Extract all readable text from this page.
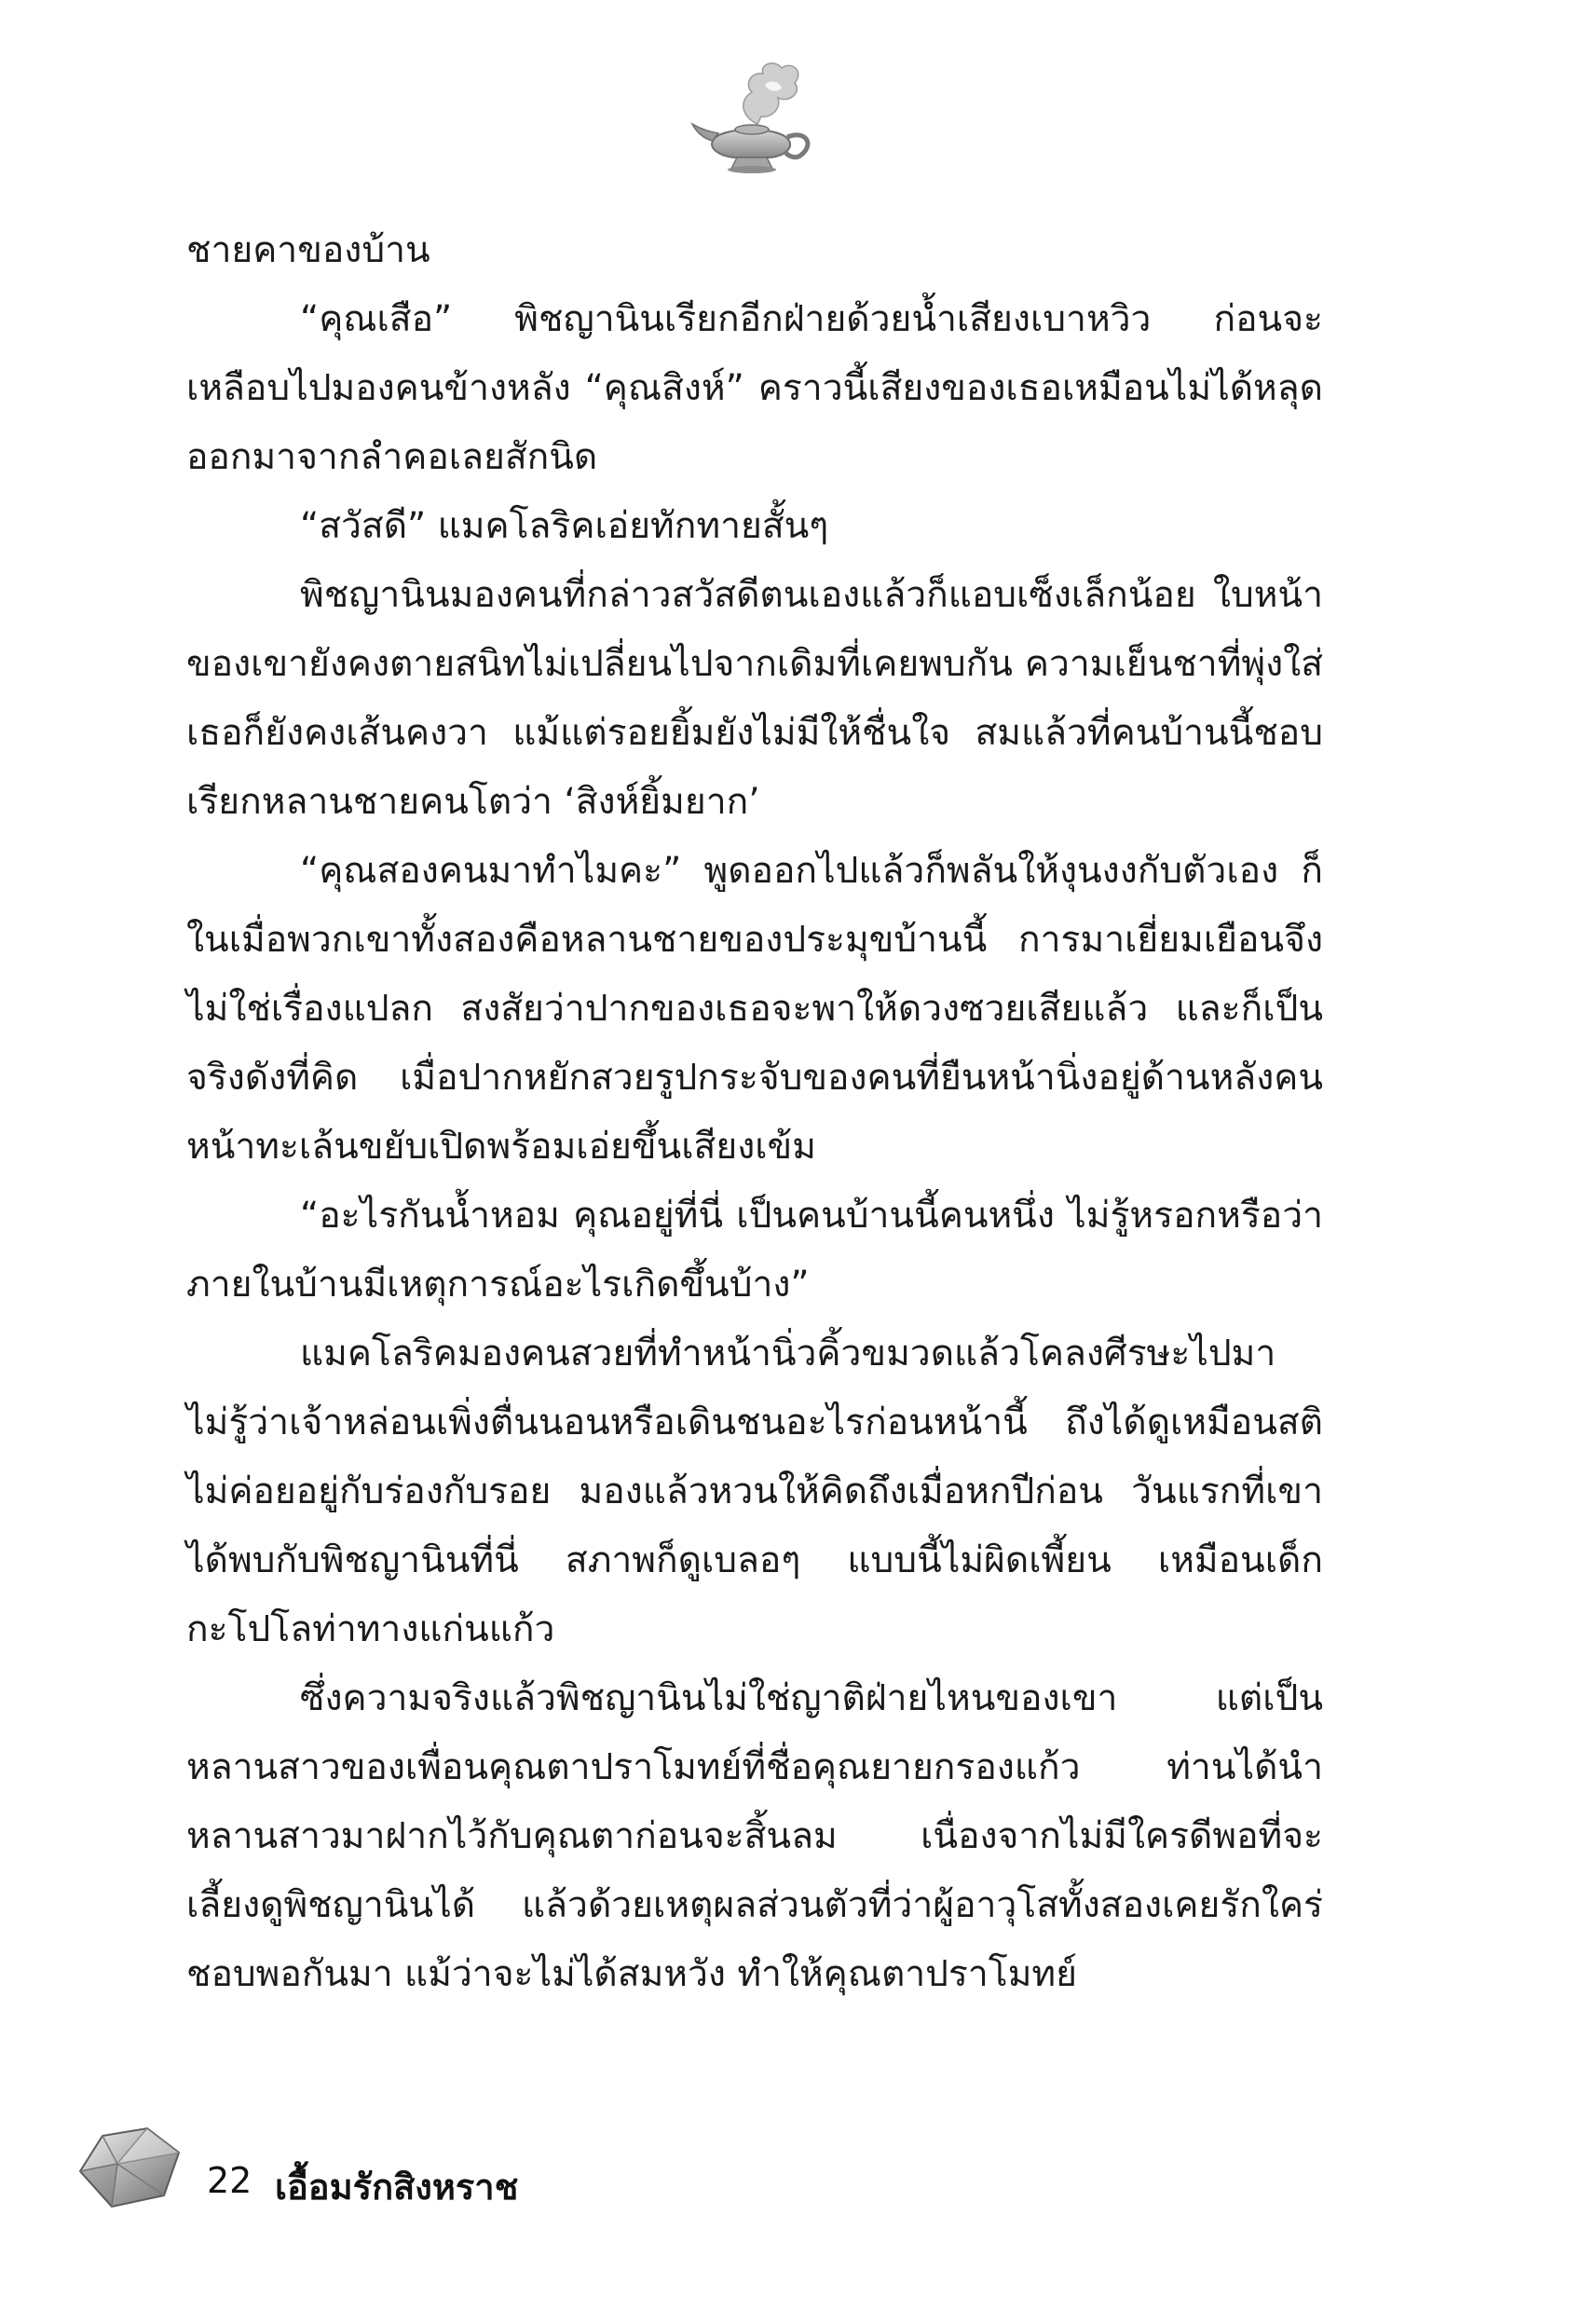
ชายคาของบ้าน

“คุณเสือ” พิชญานินเรียกอีกฝ่ายด้วยน้ำเสียงเบาหวิว ก่อนจะเหลือบไปมองคนข้างหลัง “คุณสิงห์” คราวนี้เสียงของเธอเหมือนไม่ได้หลุดออกมาจากลำคอเลยสักนิด

“สวัสดี” แมคโลริคเอ่ยทักทายสั้นๆ

พิชญานินมองคนที่กล่าวสวัสดีตนเองแล้วก็แอบเซ็งเล็กน้อย ใบหน้าของเขายังคงตายสนิทไม่เปลี่ยนไปจากเดิมที่เคยพบกัน ความเย็นชาที่พุ่งใส่เธอก็ยังคงเส้นคงวา แม้แต่รอยยิ้มยังไม่มีให้ชื่นใจ สมแล้วที่คนบ้านนี้ชอบเรียกหลานชายคนโตว่า ‘สิงห์ยิ้มยาก’

“คุณสองคนมาทำไมคะ” พูดออกไปแล้วก็พลันให้งุนงงกับตัวเอง ก็ในเมื่อพวกเขาทั้งสองคือหลานชายของประมุขบ้านนี้ การมาเยี่ยมเยือนจึงไม่ใช่เรื่องแปลก สงสัยว่าปากของเธอจะพาให้ดวงซวยเสียแล้ว และก็เป็นจริงดังที่คิด เมื่อปากหยักสวยรูปกระจับของคนที่ยืนหน้านิ่งอยู่ด้านหลังคนหน้าทะเล้นขยับเปิดพร้อมเอ่ยขึ้นเสียงเข้ม

“อะไรกันน้ำหอม คุณอยู่ที่นี่ เป็นคนบ้านนี้คนหนึ่ง ไม่รู้หรอกหรือว่าภายในบ้านมีเหตุการณ์อะไรเกิดขึ้นบ้าง”

แมคโลริคมองคนสวยที่ทำหน้านิ่วคิ้วขมวดแล้วโคลงศีรษะไปมา ไม่รู้ว่าเจ้าหล่อนเพิ่งตื่นนอนหรือเดินชนอะไรก่อนหน้านี้ ถึงได้ดูเหมือนสติไม่ค่อยอยู่กับร่องกับรอย มองแล้วหวนให้คิดถึงเมื่อหกปีก่อน วันแรกที่เขาได้พบกับพิชญานินที่นี่ สภาพก็ดูเบลอๆ แบบนี้ไม่ผิดเพี้ยน เหมือนเด็กกะโปโลท่าทางแก่นแก้ว

ซึ่งความจริงแล้วพิชญานินไม่ใช่ญาติฝ่ายไหนของเขา แต่เป็นหลานสาวของเพื่อนคุณตาปราโมทย์ที่ชื่อคุณยายกรองแก้ว ท่านได้นำหลานสาวมาฝากไว้กับคุณตาก่อนจะสิ้นลม เนื่องจากไม่มีใครดีพอที่จะเลี้ยงดูพิชญานินได้ แล้วด้วยเหตุผลส่วนตัวที่ว่าผู้อาวุโสทั้งสองเคยรักใคร่ชอบพอกันมา แม้ว่าจะไม่ได้สมหวัง ทำให้คุณตาปราโมทย์

22 เอื้อมรักสิงหราช
